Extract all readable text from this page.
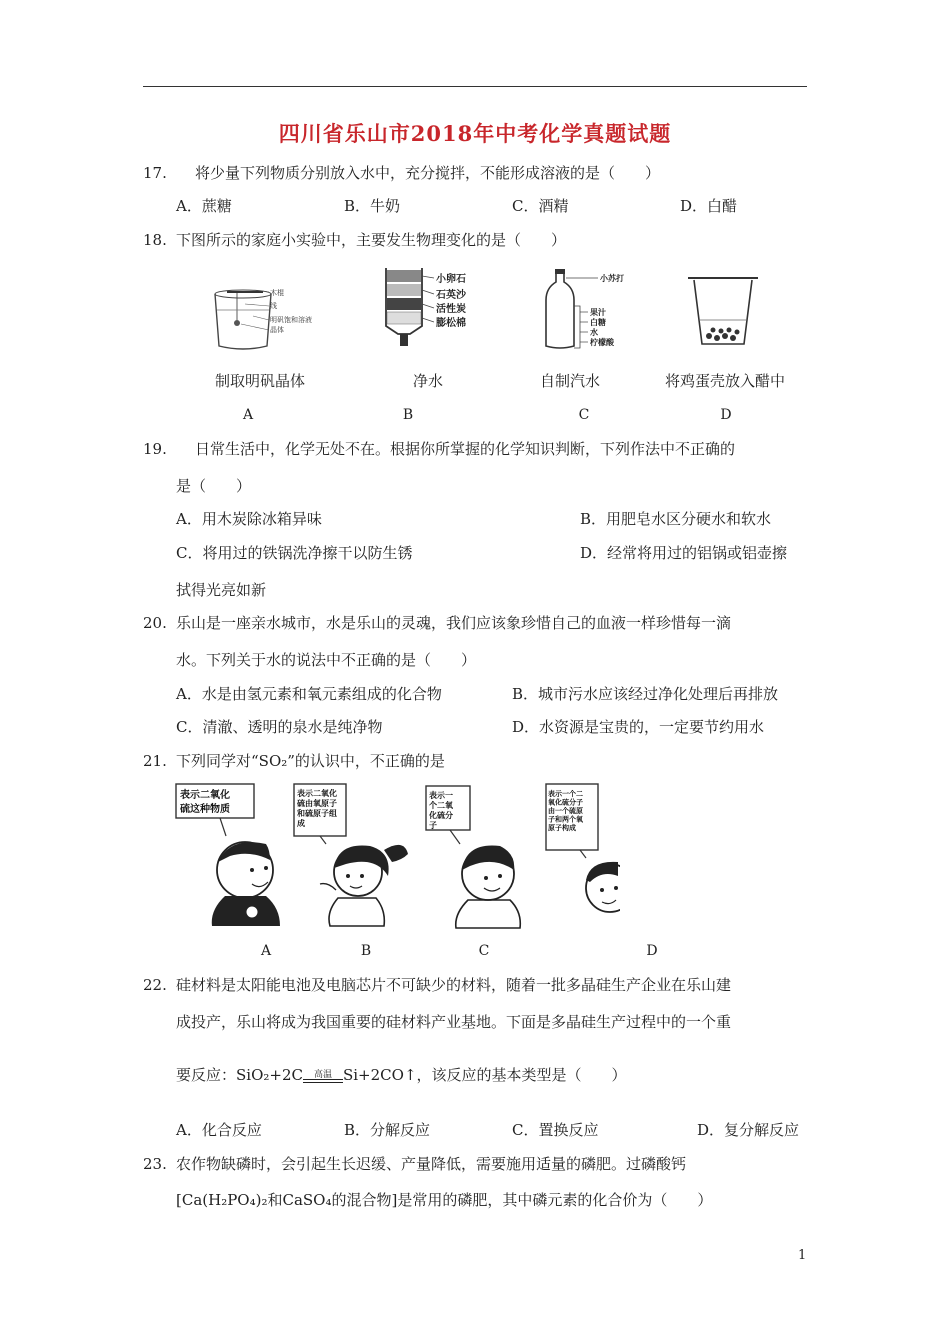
四川省乐山市2018年中考化学真题试题
17. 将少量下列物质分别放入水中，充分搅拌，不能形成溶液的是（　　）
A．蔗糖	B．牛奶	C．酒精	D．白醋
18. 下图所示的家庭小实验中，主要发生物理变化的是（　　）
木棍
线
明矾饱和溶液
晶体
小卵石
石英沙
活性炭
膨松棉
小苏打
果汁
白糖
水
柠檬酸
制取明矾晶体	净水	自制汽水	将鸡蛋壳放入醋中
A	B	C	D
19. 日常生活中，化学无处不在。根据你所掌握的化学知识判断，下列作法中不正确的
是（　　）
A．用木炭除冰箱异味	B．用肥皂水区分硬水和软水
C．将用过的铁锅洗净擦干以防生锈	D．经常将用过的铝锅或铝壶擦
拭得光亮如新
20. 乐山是一座亲水城市，水是乐山的灵魂，我们应该象珍惜自己的血液一样珍惜每一滴
水。下列关于水的说法中不正确的是（　　）
A．水是由氢元素和氧元素组成的化合物	B．城市污水应该经过净化处理后再排放
C．清澈、透明的泉水是纯净物	D．水资源是宝贵的，一定要节约用水
21. 下列同学对“SO₂”的认识中，不正确的是
表示二氧化硫这种物质
表示二氧化硫由氧原子和硫原子组成
表示一个二氧化硫分子
表示一个二氧化硫分子由一个硫原子和两个氧原子构成
A	B	C	D
22. 硅材料是太阳能电池及电脑芯片不可缺少的材料，随着一批多晶硅生产企业在乐山建
成投产，乐山将成为我国重要的硅材料产业基地。下面是多晶硅生产过程中的一个重
要反应：SiO₂+2C 高温 Si+2CO↑，该反应的基本类型是（　　）
A．化合反应	B．分解反应	C．置换反应	D．复分解反应
23. 农作物缺磷时，会引起生长迟缓、产量降低，需要施用适量的磷肥。过磷酸钙
[Ca(H₂PO₄)₂和CaSO₄的混合物]是常用的磷肥，其中磷元素的化合价为（　　）
1
